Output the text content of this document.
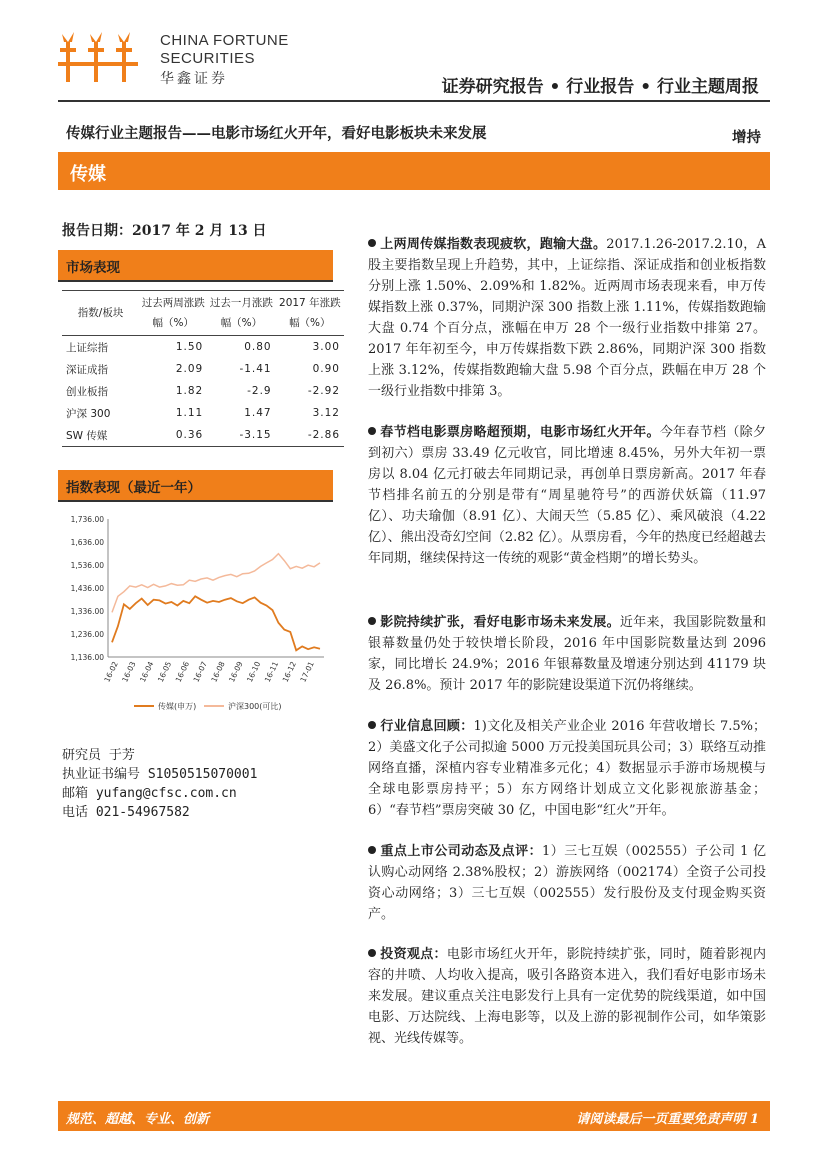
CHINA FORTUNE
SECURITIES
华鑫证券	证券研究报告 • 行业报告 • 行业主题周报
传媒行业主题报告——电影市场红火开年，看好电影板块未来发展	增持
传媒
报告日期：2017 年 2 月 13 日
市场表现
指数/板块	过去两周涨跌幅（%）	过去一月涨跌幅（%）	2017 年涨跌幅（%）
上证综指	1.50	0.80	3.00
深证成指	2.09	-1.41	0.90
创业板指	1.82	-2.9	-2.92
沪深 300	1.11	1.47	3.12
SW 传媒	0.36	-3.15	-2.86
指数表现（最近一年）
1,736.00
1,636.00
1,536.00
1,436.00
1,336.00
1,236.00
1,136.00
16-02 16-03 16-04 16-05 16-06 16-07 16-08 16-09 16-10 16-11 16-12 17-01
传媒(申万)	沪深300(可比)
研究员 于芳
执业证书编号 S1050515070001
邮箱 yufang@cfsc.com.cn
电话 021-54967582

上两周传媒指数表现疲软，跑输大盘。2017.1.26-2017.2.10，A 股主要指数呈现上升趋势，其中，上证综指、深证成指和创业板指数分别上涨 1.50%、2.09%和 1.82%。近两周市场表现来看，申万传媒指数上涨 0.37%，同期沪深 300 指数上涨 1.11%，传媒指数跑输大盘 0.74 个百分点，涨幅在申万 28 个一级行业指数中排第 27。2017 年年初至今，申万传媒指数下跌 2.86%，同期沪深 300 指数上涨 3.12%，传媒指数跑输大盘 5.98 个百分点，跌幅在申万 28 个一级行业指数中排第 3。

春节档电影票房略超预期，电影市场红火开年。今年春节档（除夕到初六）票房 33.49 亿元收官，同比增速 8.45%，另外大年初一票房以 8.04 亿元打破去年同期记录，再创单日票房新高。2017 年春节档排名前五的分别是带有“周星驰符号”的西游伏妖篇（11.97 亿）、功夫瑜伽（8.91 亿）、大闹天竺（5.85 亿）、乘风破浪（4.22 亿）、熊出没奇幻空间（2.82 亿）。从票房看，今年的热度已经超越去年同期，继续保持这一传统的观影“黄金档期”的增长势头。

影院持续扩张，看好电影市场未来发展。近年来，我国影院数量和银幕数量仍处于较快增长阶段，2016 年中国影院数量达到 2096 家，同比增长 24.9%；2016 年银幕数量及增速分别达到 41179 块及 26.8%。预计 2017 年的影院建设渠道下沉仍将继续。

行业信息回顾：1)文化及相关产业企业 2016 年营收增长 7.5%；2）美盛文化子公司拟逾 5000 万元投美国玩具公司；3）联络互动推网络直播，深植内容专业精准多元化；4）数据显示手游市场规模与全球电影票房持平；5）东方网络计划成立文化影视旅游基金；6）“春节档”票房突破 30 亿，中国电影“红火”开年。

重点上市公司动态及点评：1）三七互娱（002555）子公司 1 亿认购心动网络 2.38%股权；2）游族网络（002174）全资子公司投资心动网络；3）三七互娱（002555）发行股份及支付现金购买资产。

投资观点：电影市场红火开年，影院持续扩张，同时，随着影视内容的井喷、人均收入提高，吸引各路资本进入，我们看好电影市场未来发展。建议重点关注电影发行上具有一定优势的院线渠道，如中国电影、万达院线、上海电影等，以及上游的影视制作公司，如华策影视、光线传媒等。

规范、超越、专业、创新	请阅读最后一页重要免责声明 1
